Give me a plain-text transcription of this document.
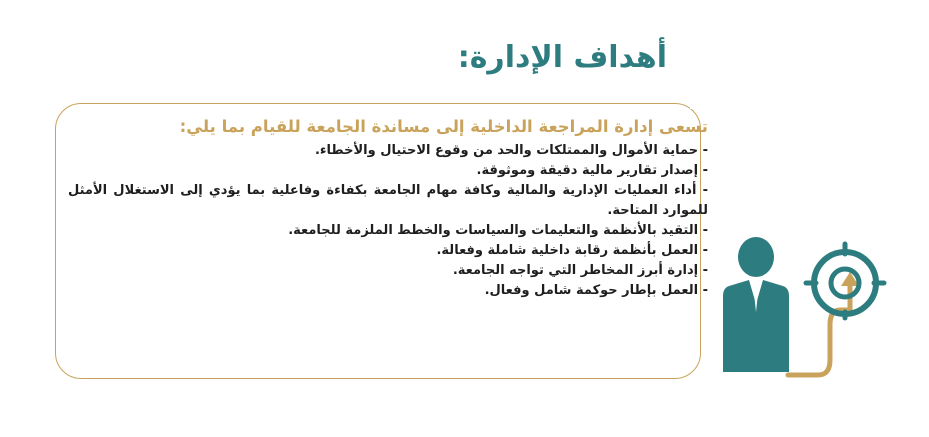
أهداف الإدارة:

تسعى إدارة المراجعة الداخلية إلى مساندة الجامعة للقيام بما يلي:

- حماية الأموال والممتلكات والحد من وقوع الاحتيال والأخطاء.
- إصدار تقارير مالية دقيقة وموثوقة.
- أداء العمليات الإدارية والمالية وكافة مهام الجامعة بكفاءة وفاعلية بما يؤدي إلى الاستغلال الأمثل للموارد المتاحة.
- التقيد بالأنظمة والتعليمات والسياسات والخطط الملزمة للجامعة.
- العمل بأنظمة رقابة داخلية شاملة وفعالة.
- إدارة أبرز المخاطر التي تواجه الجامعة.
- العمل بإطار حوكمة شامل وفعال.
